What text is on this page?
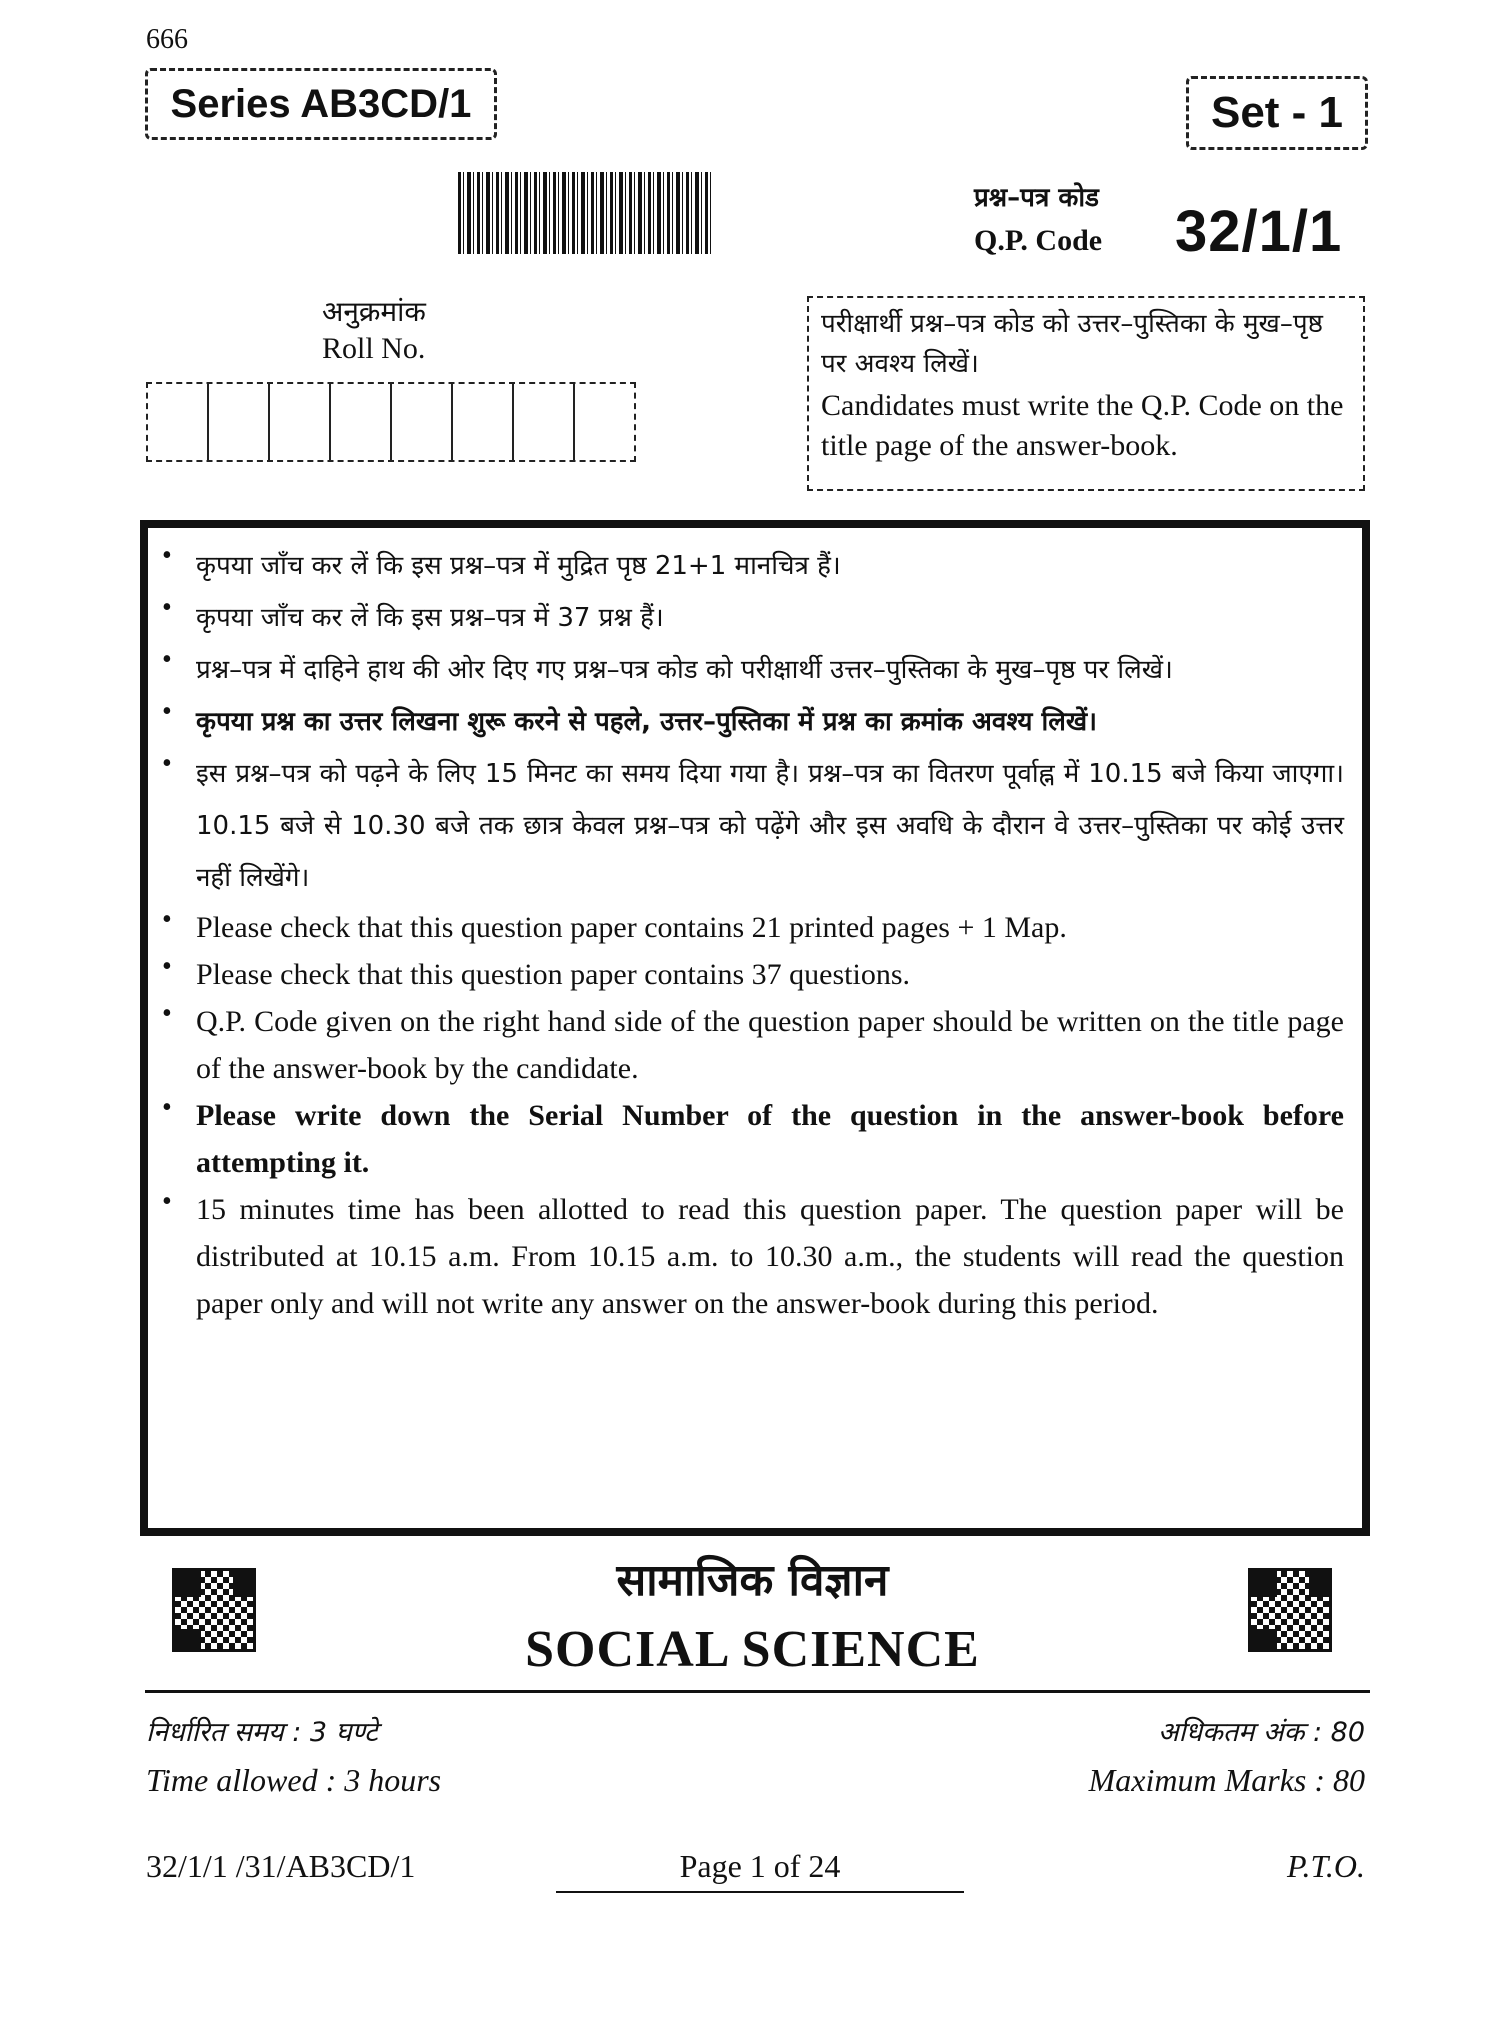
666
Series AB3CD/1	Set - 1
प्रश्न–पत्र कोड
Q.P. Code 32/1/1
अनुक्रमांक
Roll No.
परीक्षार्थी प्रश्न–पत्र कोड को उत्तर–पुस्तिका के मुख–पृष्ठ पर अवश्य लिखें।
Candidates must write the Q.P. Code on the title page of the answer-book.
• कृपया जाँच कर लें कि इस प्रश्न–पत्र में मुद्रित पृष्ठ 21+1 मानचित्र हैं।
• कृपया जाँच कर लें कि इस प्रश्न–पत्र में 37 प्रश्न हैं।
• प्रश्न–पत्र में दाहिने हाथ की ओर दिए गए प्रश्न–पत्र कोड को परीक्षार्थी उत्तर–पुस्तिका के मुख–पृष्ठ पर लिखें।
• कृपया प्रश्न का उत्तर लिखना शुरू करने से पहले, उत्तर–पुस्तिका में प्रश्न का क्रमांक अवश्य लिखें।
• इस प्रश्न–पत्र को पढ़ने के लिए 15 मिनट का समय दिया गया है। प्रश्न–पत्र का वितरण पूर्वाह्न में 10.15 बजे किया जाएगा। 10.15 बजे से 10.30 बजे तक छात्र केवल प्रश्न–पत्र को पढ़ेंगे और इस अवधि के दौरान वे उत्तर–पुस्तिका पर कोई उत्तर नहीं लिखेंगे।
• Please check that this question paper contains 21 printed pages + 1 Map.
• Please check that this question paper contains 37 questions.
• Q.P. Code given on the right hand side of the question paper should be written on the title page of the answer-book by the candidate.
• Please write down the Serial Number of the question in the answer-book before attempting it.
• 15 minutes time has been allotted to read this question paper. The question paper will be distributed at 10.15 a.m. From 10.15 a.m. to 10.30 a.m., the students will read the question paper only and will not write any answer on the answer-book during this period.
सामाजिक विज्ञान
SOCIAL SCIENCE
निर्धारित समय : 3 घण्टे
Time allowed : 3 hours
अधिकतम अंक : 80
Maximum Marks : 80
32/1/1 /31/AB3CD/1	Page 1 of 24	P.T.O.
